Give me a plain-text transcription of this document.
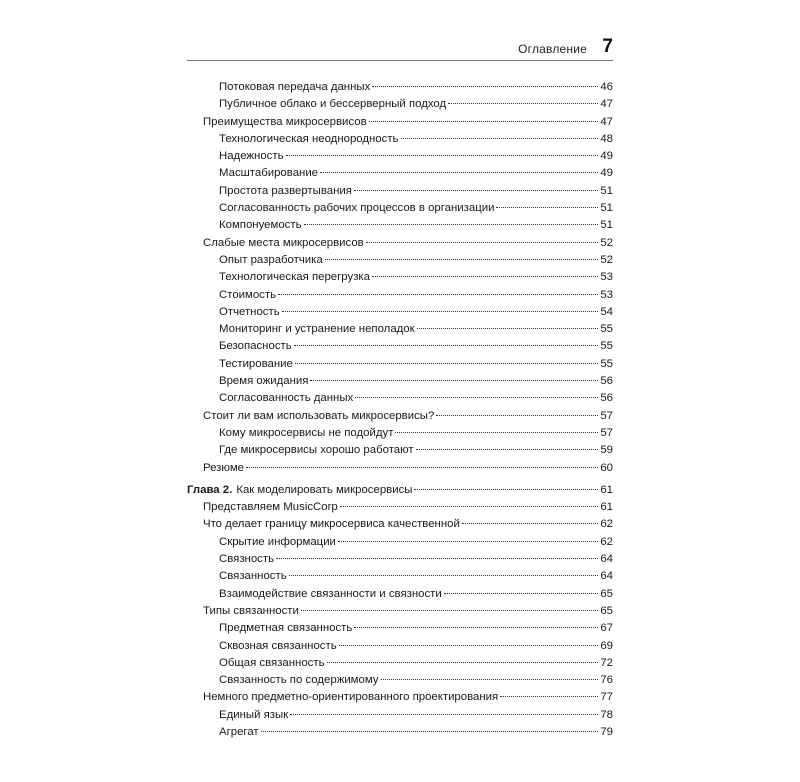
Оглавление 7
Потоковая передача данных	46
Публичное облако и бессерверный подход	47
Преимущества микросервисов	47
Технологическая неоднородность	48
Надежность	49
Масштабирование	49
Простота развертывания	51
Согласованность рабочих процессов в организации	51
Компонуемость	51
Слабые места микросервисов	52
Опыт разработчика	52
Технологическая перегрузка	53
Стоимость	53
Отчетность	54
Мониторинг и устранение неполадок	55
Безопасность	55
Тестирование	55
Время ожидания	56
Согласованность данных	56
Стоит ли вам использовать микросервисы?	57
Кому микросервисы не подойдут	57
Где микросервисы хорошо работают	59
Резюме	60
Глава 2. Как моделировать микросервисы	61
Представляем MusicCorp	61
Что делает границу микросервиса качественной	62
Скрытие информации	62
Связность	64
Связанность	64
Взаимодействие связанности и связности	65
Типы связанности	65
Предметная связанность	67
Сквозная связанность	69
Общая связанность	72
Связанность по содержимому	76
Немного предметно-ориентированного проектирования	77
Единый язык	78
Агрегат	79
